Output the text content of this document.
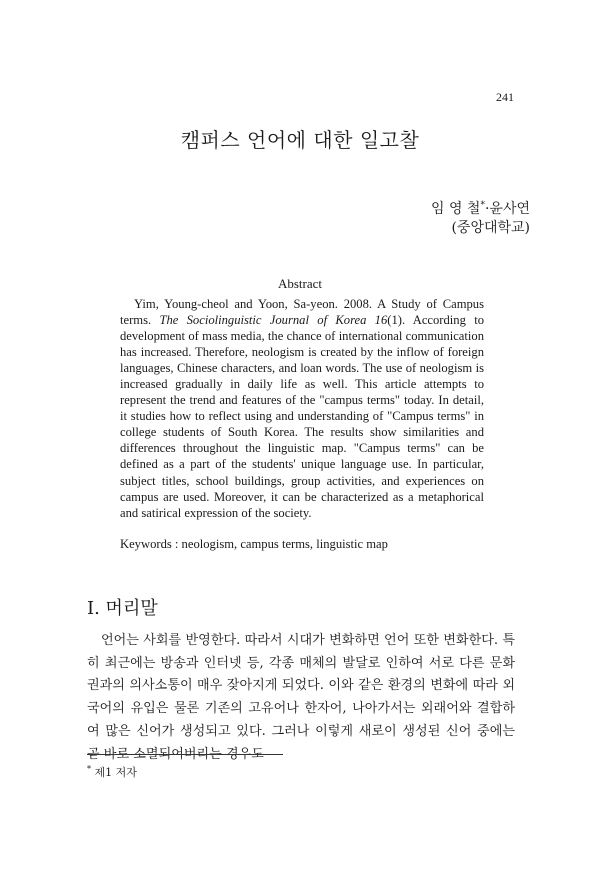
241
캠퍼스 언어에 대한 일고찰
임 영 철*·윤사연
(중앙대학교)
Abstract
Yim, Young-cheol and Yoon, Sa-yeon. 2008. A Study of Campus terms. The Sociolinguistic Journal of Korea 16(1). According to development of mass media, the chance of international communication has increased. Therefore, neologism is created by the inflow of foreign languages, Chinese characters, and loan words. The use of neologism is increased gradually in daily life as well. This article attempts to represent the trend and features of the "campus terms" today. In detail, it studies how to reflect using and understanding of "Campus terms" in college students of South Korea. The results show similarities and differences throughout the linguistic map. "Campus terms" can be defined as a part of the students' unique language use. In particular, subject titles, school buildings, group activities, and experiences on campus are used. Moreover, it can be characterized as a metaphorical and satirical expression of the society.
Keywords : neologism, campus terms, linguistic map
Ⅰ. 머리말
언어는 사회를 반영한다. 따라서 시대가 변화하면 언어 또한 변화한다. 특히 최근에는 방송과 인터넷 등, 각종 매체의 발달로 인하여 서로 다른 문화권과의 의사소통이 매우 잦아지게 되었다. 이와 같은 환경의 변화에 따라 외국어의 유입은 물론 기존의 고유어나 한자어, 나아가서는 외래어와 결합하여 많은 신어가 생성되고 있다. 그러나 이렇게 새로이 생성된 신어 중에는 곧 바로 소멸되어버리는 경우도
* 제1 저자
